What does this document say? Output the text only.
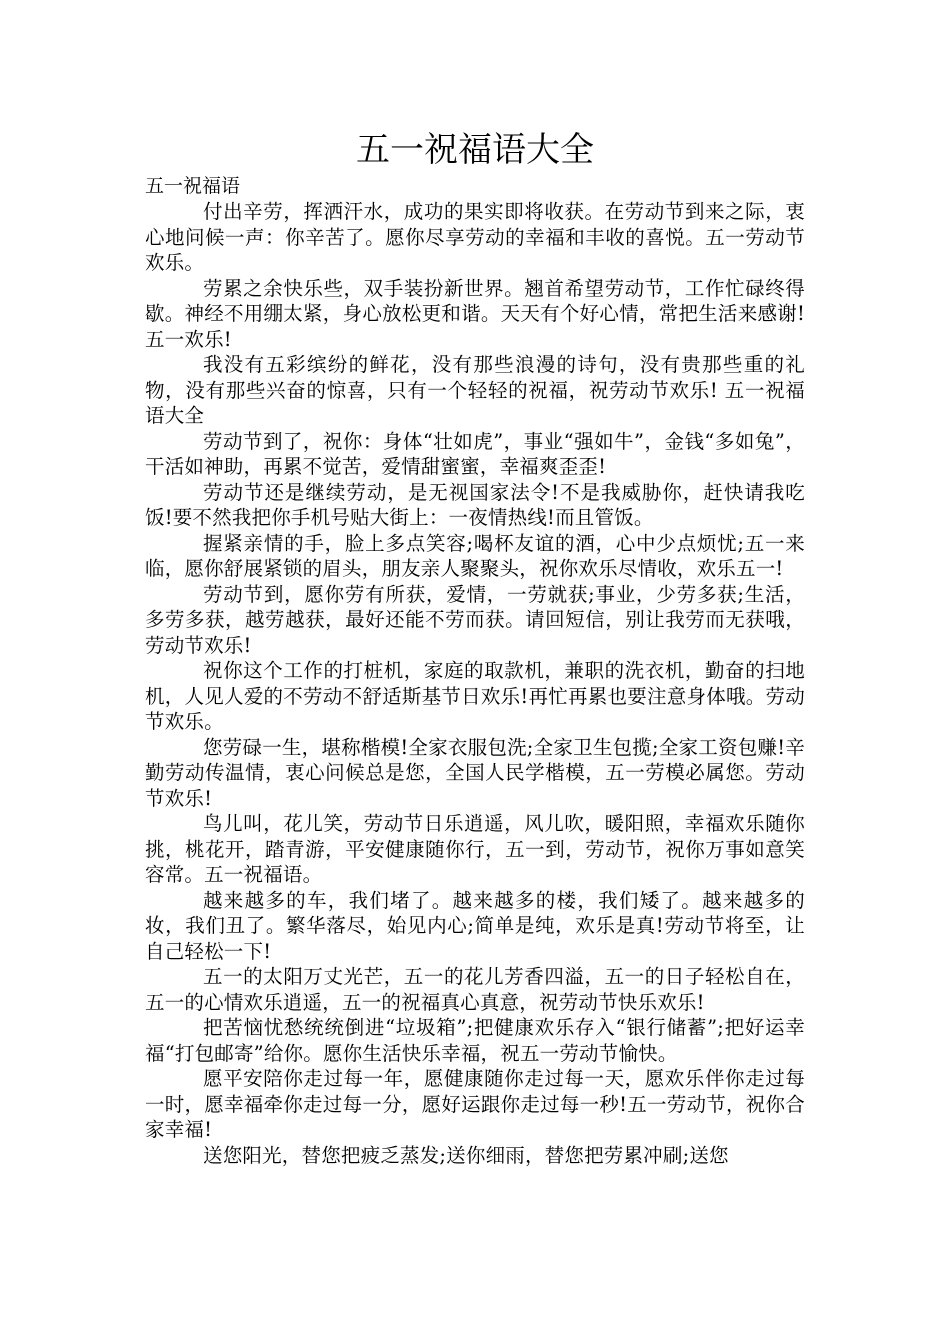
五一祝福语大全

五一祝福语

付出辛劳，挥洒汗水，成功的果实即将收获。在劳动节到来之际，衷心地问候一声：你辛苦了。愿你尽享劳动的幸福和丰收的喜悦。五一劳动节欢乐。

劳累之余快乐些，双手装扮新世界。翘首希望劳动节，工作忙碌终得歇。神经不用绷太紧，身心放松更和谐。天天有个好心情，常把生活来感谢!五一欢乐!

我没有五彩缤纷的鲜花，没有那些浪漫的诗句，没有贵那些重的礼物，没有那些兴奋的惊喜，只有一个轻轻的祝福，祝劳动节欢乐! 五一祝福语大全

劳动节到了，祝你：身体“壮如虎”，事业“强如牛”，金钱“多如兔”，干活如神助，再累不觉苦，爱情甜蜜蜜，幸福爽歪歪!

劳动节还是继续劳动，是无视国家法令!不是我威胁你，赶快请我吃饭!要不然我把你手机号贴大街上：一夜情热线!而且管饭。

握紧亲情的手，脸上多点笑容;喝杯友谊的酒，心中少点烦忧;五一来临，愿你舒展紧锁的眉头，朋友亲人聚聚头，祝你欢乐尽情收，欢乐五一!

劳动节到，愿你劳有所获，爱情，一劳就获;事业，少劳多获;生活，多劳多获，越劳越获，最好还能不劳而获。请回短信，别让我劳而无获哦，劳动节欢乐!

祝你这个工作的打桩机，家庭的取款机，兼职的洗衣机，勤奋的扫地机，人见人爱的不劳动不舒适斯基节日欢乐!再忙再累也要注意身体哦。劳动节欢乐。

您劳碌一生，堪称楷模!全家衣服包洗;全家卫生包揽;全家工资包赚!辛勤劳动传温情，衷心问候总是您，全国人民学楷模，五一劳模必属您。劳动节欢乐!

鸟儿叫，花儿笑，劳动节日乐逍遥，风儿吹，暖阳照，幸福欢乐随你挑，桃花开，踏青游，平安健康随你行，五一到，劳动节，祝你万事如意笑容常。五一祝福语。

越来越多的车，我们堵了。越来越多的楼，我们矮了。越来越多的妆，我们丑了。繁华落尽，始见内心;简单是纯，欢乐是真!劳动节将至，让自己轻松一下!

五一的太阳万丈光芒，五一的花儿芳香四溢，五一的日子轻松自在，五一的心情欢乐逍遥，五一的祝福真心真意，祝劳动节快乐欢乐!

把苦恼忧愁统统倒进“垃圾箱”;把健康欢乐存入“银行储蓄”;把好运幸福“打包邮寄”给你。愿你生活快乐幸福，祝五一劳动节愉快。

愿平安陪你走过每一年，愿健康随你走过每一天，愿欢乐伴你走过每一时，愿幸福牵你走过每一分，愿好运跟你走过每一秒!五一劳动节，祝你合家幸福!

送您阳光，替您把疲乏蒸发;送你细雨，替您把劳累冲刷;送您
